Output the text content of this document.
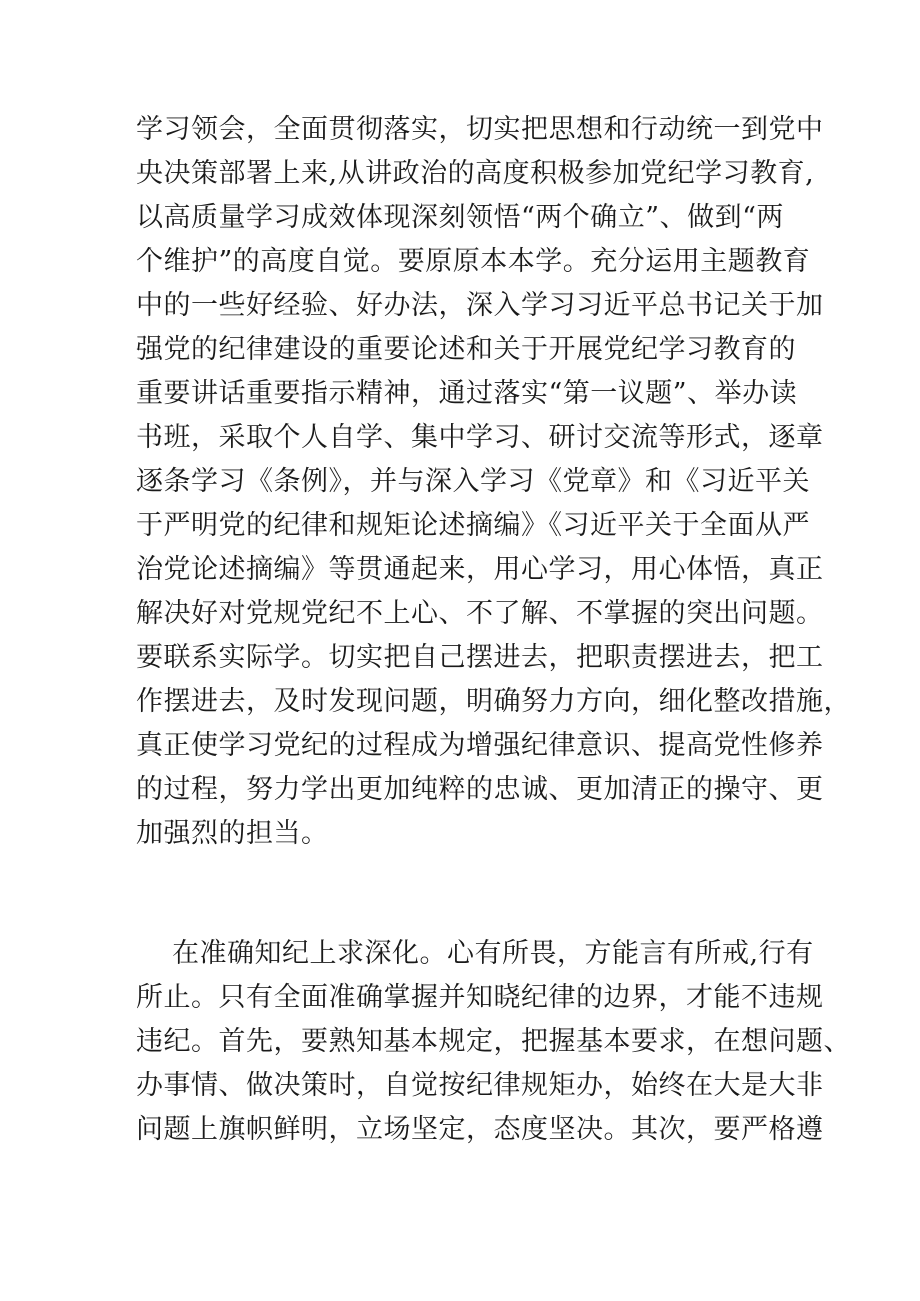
学习领会，全面贯彻落实，切实把思想和行动统一到党中
央决策部署上来,从讲政治的高度积极参加党纪学习教育,
以高质量学习成效体现深刻领悟“两个确立”、做到“两
个维护”的高度自觉。要原原本本学。充分运用主题教育
中的一些好经验、好办法，深入学习习近平总书记关于加
强党的纪律建设的重要论述和关于开展党纪学习教育的
重要讲话重要指示精神，通过落实“第一议题”、举办读
书班，采取个人自学、集中学习、研讨交流等形式，逐章
逐条学习《条例》，并与深入学习《党章》和《习近平关
于严明党的纪律和规矩论述摘编》《习近平关于全面从严
治党论述摘编》等贯通起来，用心学习，用心体悟，真正
解决好对党规党纪不上心、不了解、不掌握的突出问题。
要联系实际学。切实把自己摆进去，把职责摆进去，把工
作摆进去，及时发现问题，明确努力方向，细化整改措施，
真正使学习党纪的过程成为增强纪律意识、提高党性修养
的过程，努力学出更加纯粹的忠诚、更加清正的操守、更
加强烈的担当。
在准确知纪上求深化。心有所畏，方能言有所戒,行有
所止。只有全面准确掌握并知晓纪律的边界，才能不违规
违纪。首先，要熟知基本规定，把握基本要求，在想问题、
办事情、做决策时，自觉按纪律规矩办，始终在大是大非
问题上旗帜鲜明，立场坚定，态度坚决。其次，要严格遵
